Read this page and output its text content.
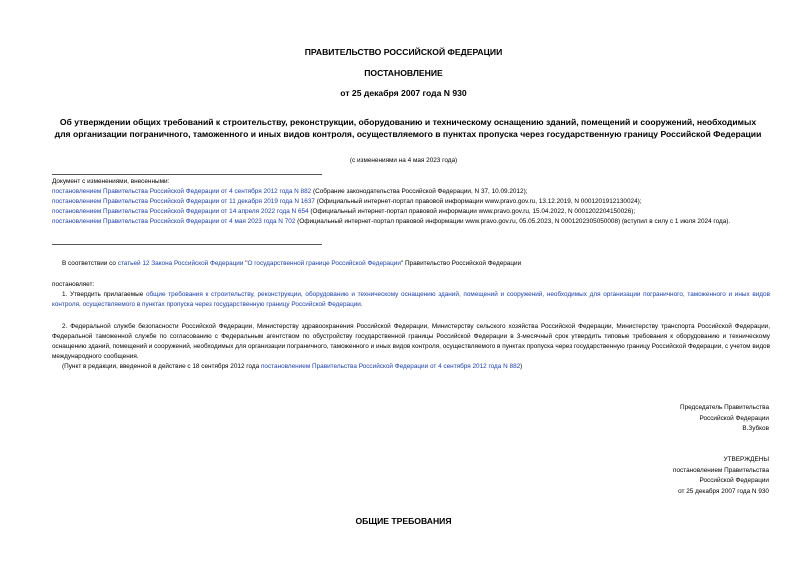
ПРАВИТЕЛЬСТВО РОССИЙСКОЙ ФЕДЕРАЦИИ
ПОСТАНОВЛЕНИЕ
от 25 декабря 2007 года N 930
Об утверждении общих требований к строительству, реконструкции, оборудованию и техническому оснащению зданий, помещений и сооружений, необходимых для организации пограничного, таможенного и иных видов контроля, осуществляемого в пунктах пропуска через государственную границу Российской Федерации
(с изменениями на 4 мая 2023 года)
Документ с изменениями, внесенными:
постановлением Правительства Российской Федерации от 4 сентября 2012 года N 882 (Собрание законодательства Российской Федерации, N 37, 10.09.2012);
постановлением Правительства Российской Федерации от 11 декабря 2019 года N 1637 (Официальный интернет-портал правовой информации www.pravo.gov.ru, 13.12.2019, N 0001201912130024);
постановлением Правительства Российской Федерации от 14 апреля 2022 года N 654 (Официальный интернет-портал правовой информации www.pravo.gov.ru, 15.04.2022, N 0001202204150026);
постановлением Правительства Российской Федерации от 4 мая 2023 года N 702 (Официальный интернет-портал правовой информации www.pravo.gov.ru, 05.05.2023, N 0001202305050008) (вступил в силу с 1 июля 2024 года).
В соответствии со статьей 12 Закона Российской Федерации "О государственной границе Российской Федерации" Правительство Российской Федерации
постановляет:
1. Утвердить прилагаемые общие требования к строительству, реконструкции, оборудованию и техническому оснащению зданий, помещений и сооружений, необходимых для организации пограничного, таможенного и иных видов контроля, осуществляемого в пунктах пропуска через государственную границу Российской Федерации.
2. Федеральной службе безопасности Российской Федерации, Министерству здравоохранения Российской Федерации, Министерству сельского хозяйства Российской Федерации, Министерству транспорта Российской Федерации, Федеральной таможенной службе по согласованию с Федеральным агентством по обустройству государственной границы Российской Федерации в 3-месячный срок утвердить типовые требования к оборудованию и техническому оснащению зданий, помещений и сооружений, необходимых для организации пограничного, таможенного и иных видов контроля, осуществляемого в пунктах пропуска через государственную границу Российской Федерации, с учетом видов международного сообщения.
(Пункт в редакции, введенной в действие с 18 сентября 2012 года постановлением Правительства Российской Федерации от 4 сентября 2012 года N 882)
Председатель Правительства
Российской Федерации
В.Зубков
УТВЕРЖДЕНЫ
постановлением Правительства
Российской Федерации
от 25 декабря 2007 года N 930
ОБЩИЕ ТРЕБОВАНИЯ
